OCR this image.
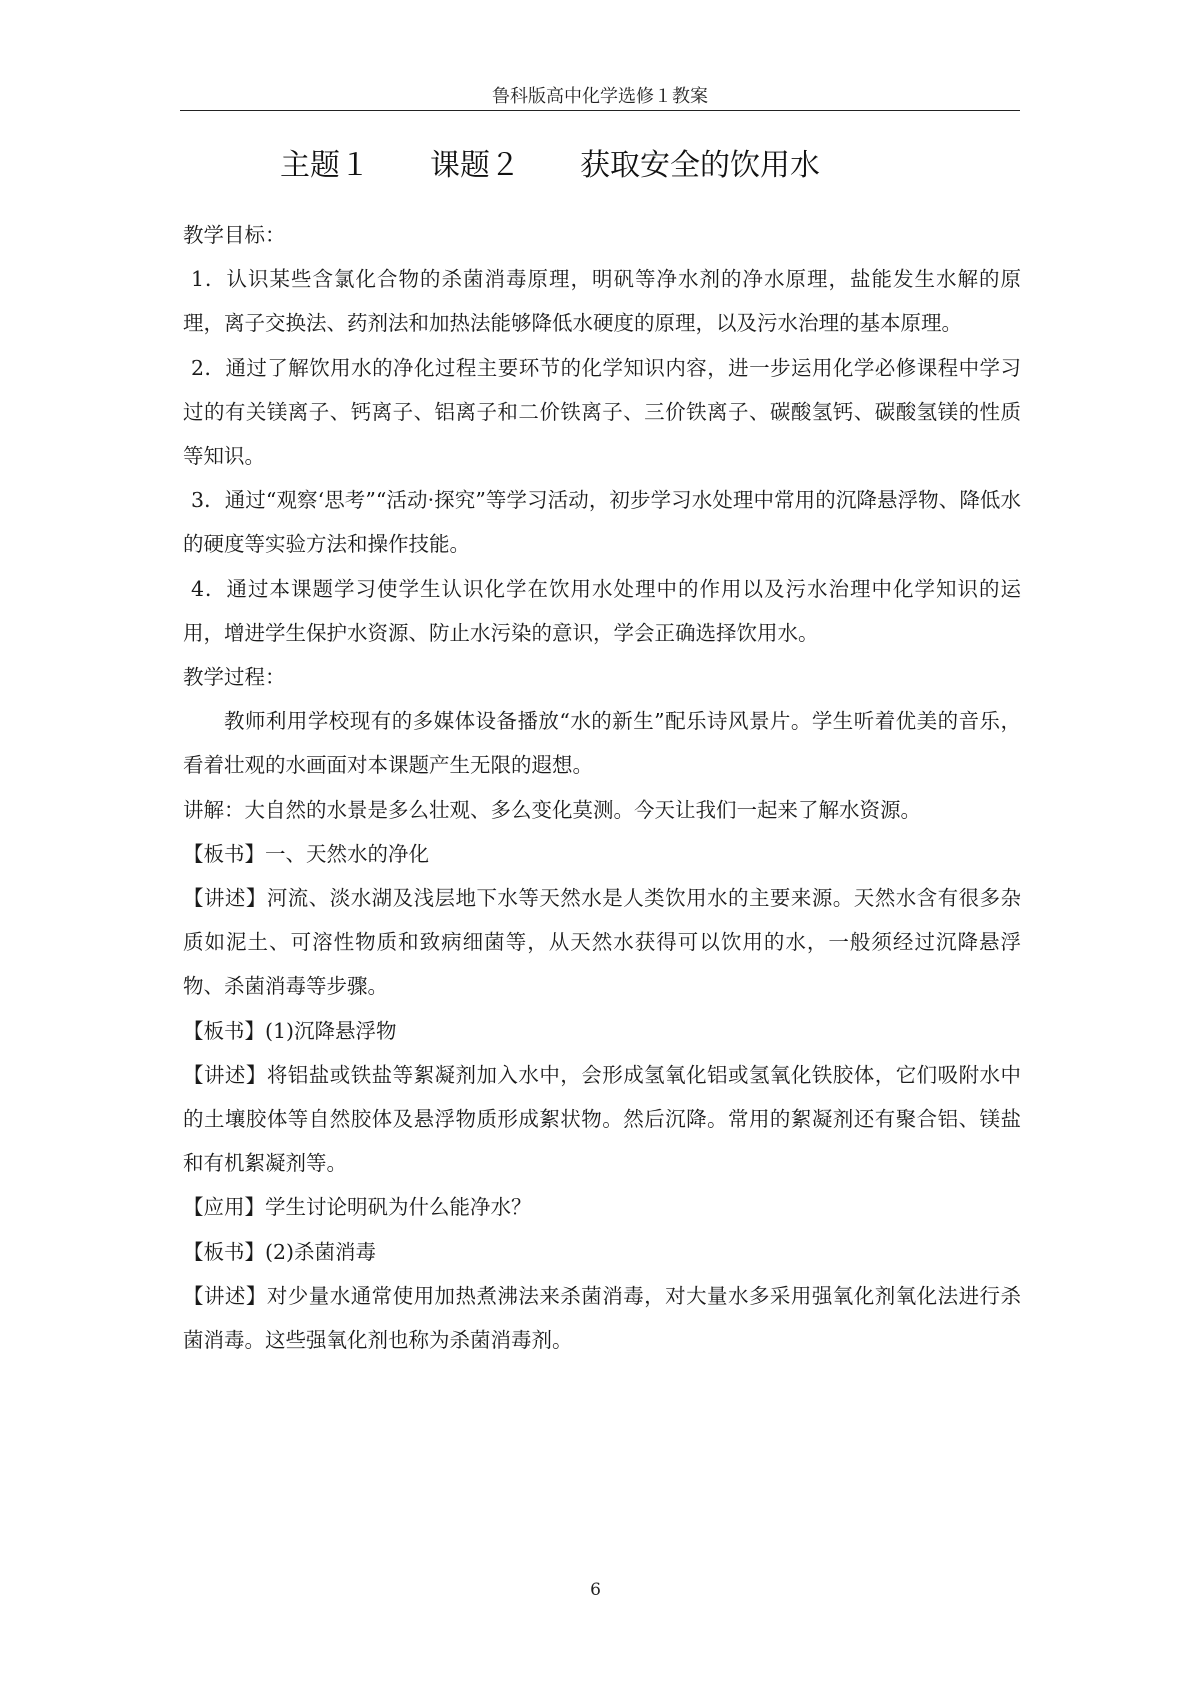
鲁科版高中化学选修１教案
主题１　　课题２　　获取安全的饮用水

教学目标：

1．认识某些含氯化合物的杀菌消毒原理，明矾等净水剂的净水原理，盐能发生水解的原理，离子交换法、药剂法和加热法能够降低水硬度的原理，以及污水治理的基本原理。

2．通过了解饮用水的净化过程主要环节的化学知识内容，进一步运用化学必修课程中学习过的有关镁离子、钙离子、铝离子和二价铁离子、三价铁离子、碳酸氢钙、碳酸氢镁的性质等知识。

3．通过“观察‘思考”“活动·探究”等学习活动，初步学习水处理中常用的沉降悬浮物、降低水的硬度等实验方法和操作技能。

4．通过本课题学习使学生认识化学在饮用水处理中的作用以及污水治理中化学知识的运用，增进学生保护水资源、防止水污染的意识，学会正确选择饮用水。

教学过程：

教师利用学校现有的多媒体设备播放“水的新生”配乐诗风景片。学生听着优美的音乐，看着壮观的水画面对本课题产生无限的遐想。

讲解：大自然的水景是多么壮观、多么变化莫测。今天让我们一起来了解水资源。

【板书】一、天然水的净化

【讲述】河流、淡水湖及浅层地下水等天然水是人类饮用水的主要来源。天然水含有很多杂质如泥土、可溶性物质和致病细菌等，从天然水获得可以饮用的水，一般须经过沉降悬浮物、杀菌消毒等步骤。

【板书】(1)沉降悬浮物

【讲述】将铝盐或铁盐等絮凝剂加入水中，会形成氢氧化铝或氢氧化铁胶体，它们吸附水中的土壤胶体等自然胶体及悬浮物质形成絮状物。然后沉降。常用的絮凝剂还有聚合铝、镁盐和有机絮凝剂等。

【应用】学生讨论明矾为什么能净水？

【板书】(2)杀菌消毒

【讲述】对少量水通常使用加热煮沸法来杀菌消毒，对大量水多采用强氧化剂氧化法进行杀菌消毒。这些强氧化剂也称为杀菌消毒剂。

6
